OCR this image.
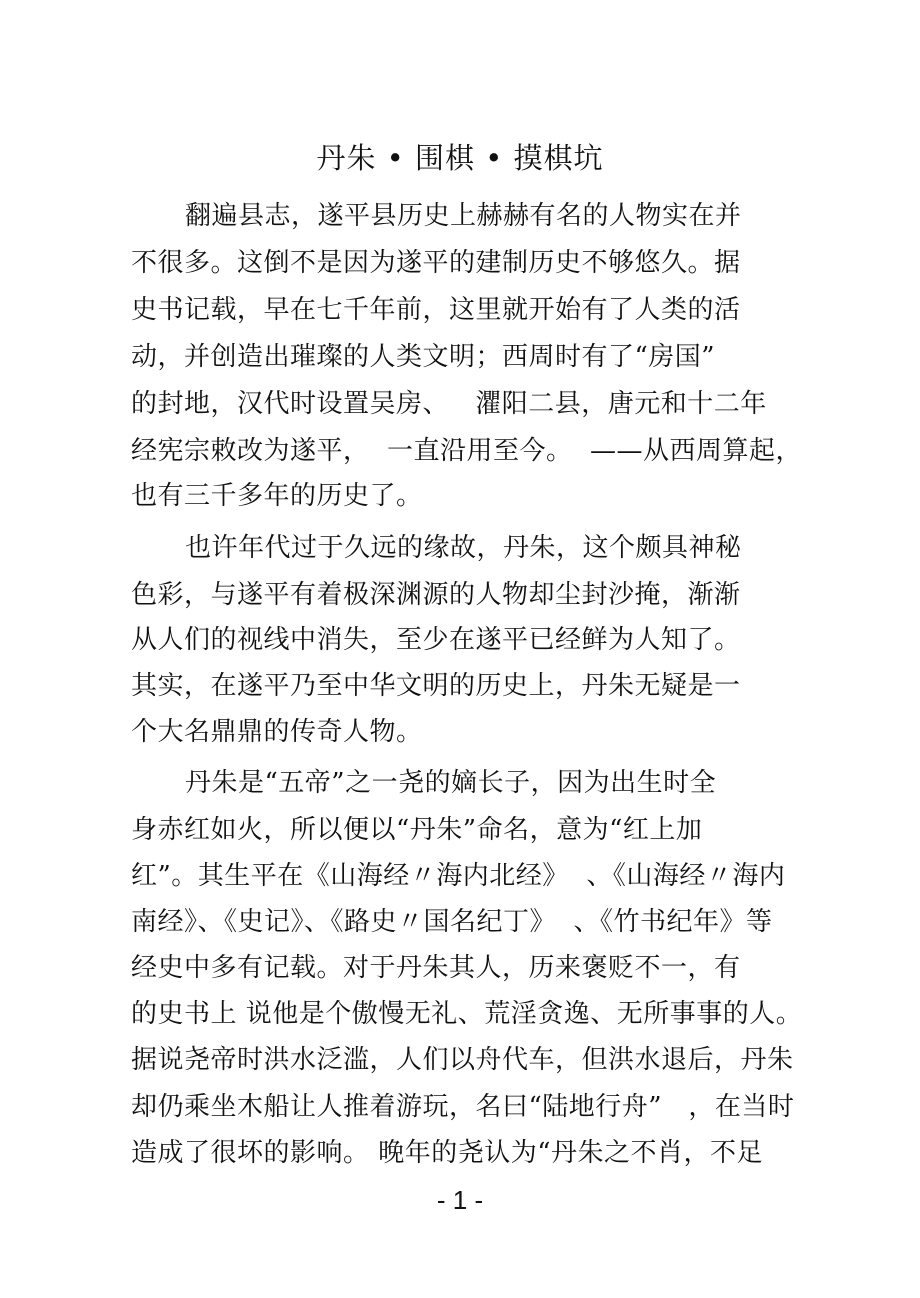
丹朱 • 围棋 • 摸棋坑
翻遍县志，遂平县历史上赫赫有名的人物实在并
不很多。这倒不是因为遂平的建制历史不够悠久。据
史书记载，早在七千年前，这里就开始有了人类的活
动，并创造出璀璨的人类文明；西周时有了“房国”
的封地，汉代时设置吴房、   灈阳二县，唐元和十二年
经宪宗敕改为遂平，  一直沿用至今。  ——从西周算起，
也有三千多年的历史了。
也许年代过于久远的缘故，丹朱，这个颇具神秘
色彩，与遂平有着极深渊源的人物却尘封沙掩，渐渐
从人们的视线中消失，至少在遂平已经鲜为人知了。
其实，在遂平乃至中华文明的历史上，丹朱无疑是一
个大名鼎鼎的传奇人物。
丹朱是“五帝”之一尧的嫡长子，因为出生时全
身赤红如火，所以便以“丹朱”命名，意为“红上加
红”。其生平在《山海经〃海内北经》  、《山海经〃海内
南经》、《史记》、《路史〃国名纪丁》  、《竹书纪年》等
经史中多有记载。对于丹朱其人，历来褒贬不一，有
的史书上 说他是个傲慢无礼、荒淫贪逸、无所事事的人。
据说尧帝时洪水泛滥，人们以舟代车，但洪水退后，丹朱
却仍乘坐木船让人推着游玩，名曰“陆地行舟”   ，在当时
造成了很坏的影响。 晚年的尧认为“丹朱之不肖，不足
- 1 -
